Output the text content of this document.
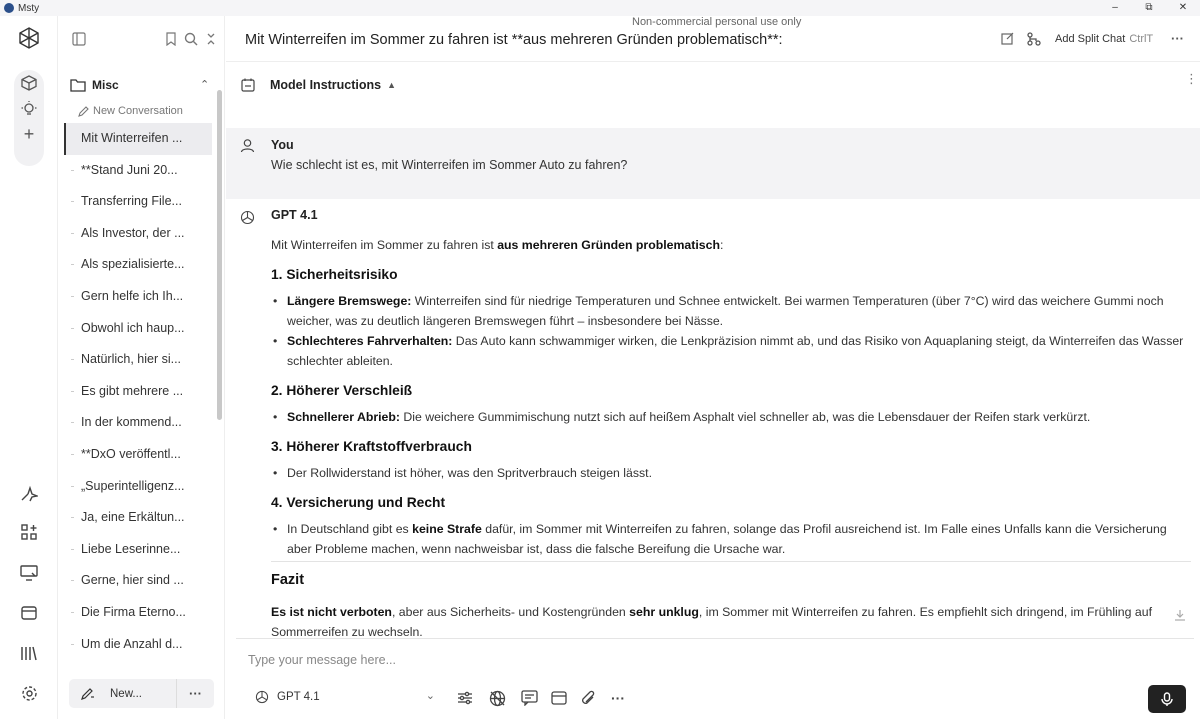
Msty	–	⧉	✕
Non-commercial personal use only
+
Misc	⌃
New Conversation
Mit Winterreifen ...
**Stand Juni 20...
Transferring File...
Als Investor, der ...
Als spezialisierte...
Gern helfe ich Ih...
Obwohl ich haup...
Natürlich, hier si...
Es gibt mehrere ...
In der kommend...
**DxO veröffentl...
„Superintelligenz...
Ja, eine Erkältun...
Liebe Leserinne...
Gerne, hier sind ...
Die Firma Eterno...
Um die Anzahl d...
New...	···
Mit Winterreifen im Sommer zu fahren ist **aus mehreren Gründen problematisch**:	Add Split Chat CtrlT ···
Model Instructions ▲	⋮
You
Wie schlecht ist es, mit Winterreifen im Sommer Auto zu fahren?
GPT 4.1
Mit Winterreifen im Sommer zu fahren ist aus mehreren Gründen problematisch:
1. Sicherheitsrisiko
• Längere Bremswege: Winterreifen sind für niedrige Temperaturen und Schnee entwickelt. Bei warmen Temperaturen (über 7°C) wird das weichere Gummi noch weicher, was zu deutlich längeren Bremswegen führt – insbesondere bei Nässe.
• Schlechteres Fahrverhalten: Das Auto kann schwammiger wirken, die Lenkpräzision nimmt ab, und das Risiko von Aquaplaning steigt, da Winterreifen das Wasser schlechter ableiten.
2. Höherer Verschleiß
• Schnellerer Abrieb: Die weichere Gummimischung nutzt sich auf heißem Asphalt viel schneller ab, was die Lebensdauer der Reifen stark verkürzt.
3. Höherer Kraftstoffverbrauch
• Der Rollwiderstand ist höher, was den Spritverbrauch steigen lässt.
4. Versicherung und Recht
• In Deutschland gibt es keine Strafe dafür, im Sommer mit Winterreifen zu fahren, solange das Profil ausreichend ist. Im Falle eines Unfalls kann die Versicherung aber Probleme machen, wenn nachweisbar ist, dass die falsche Bereifung die Ursache war.
Fazit
Es ist nicht verboten, aber aus Sicherheits- und Kostengründen sehr unklug, im Sommer mit Winterreifen zu fahren. Es empfiehlt sich dringend, im Frühling auf Sommerreifen zu wechseln.
Type your message here...
GPT 4.1	⌄	···
